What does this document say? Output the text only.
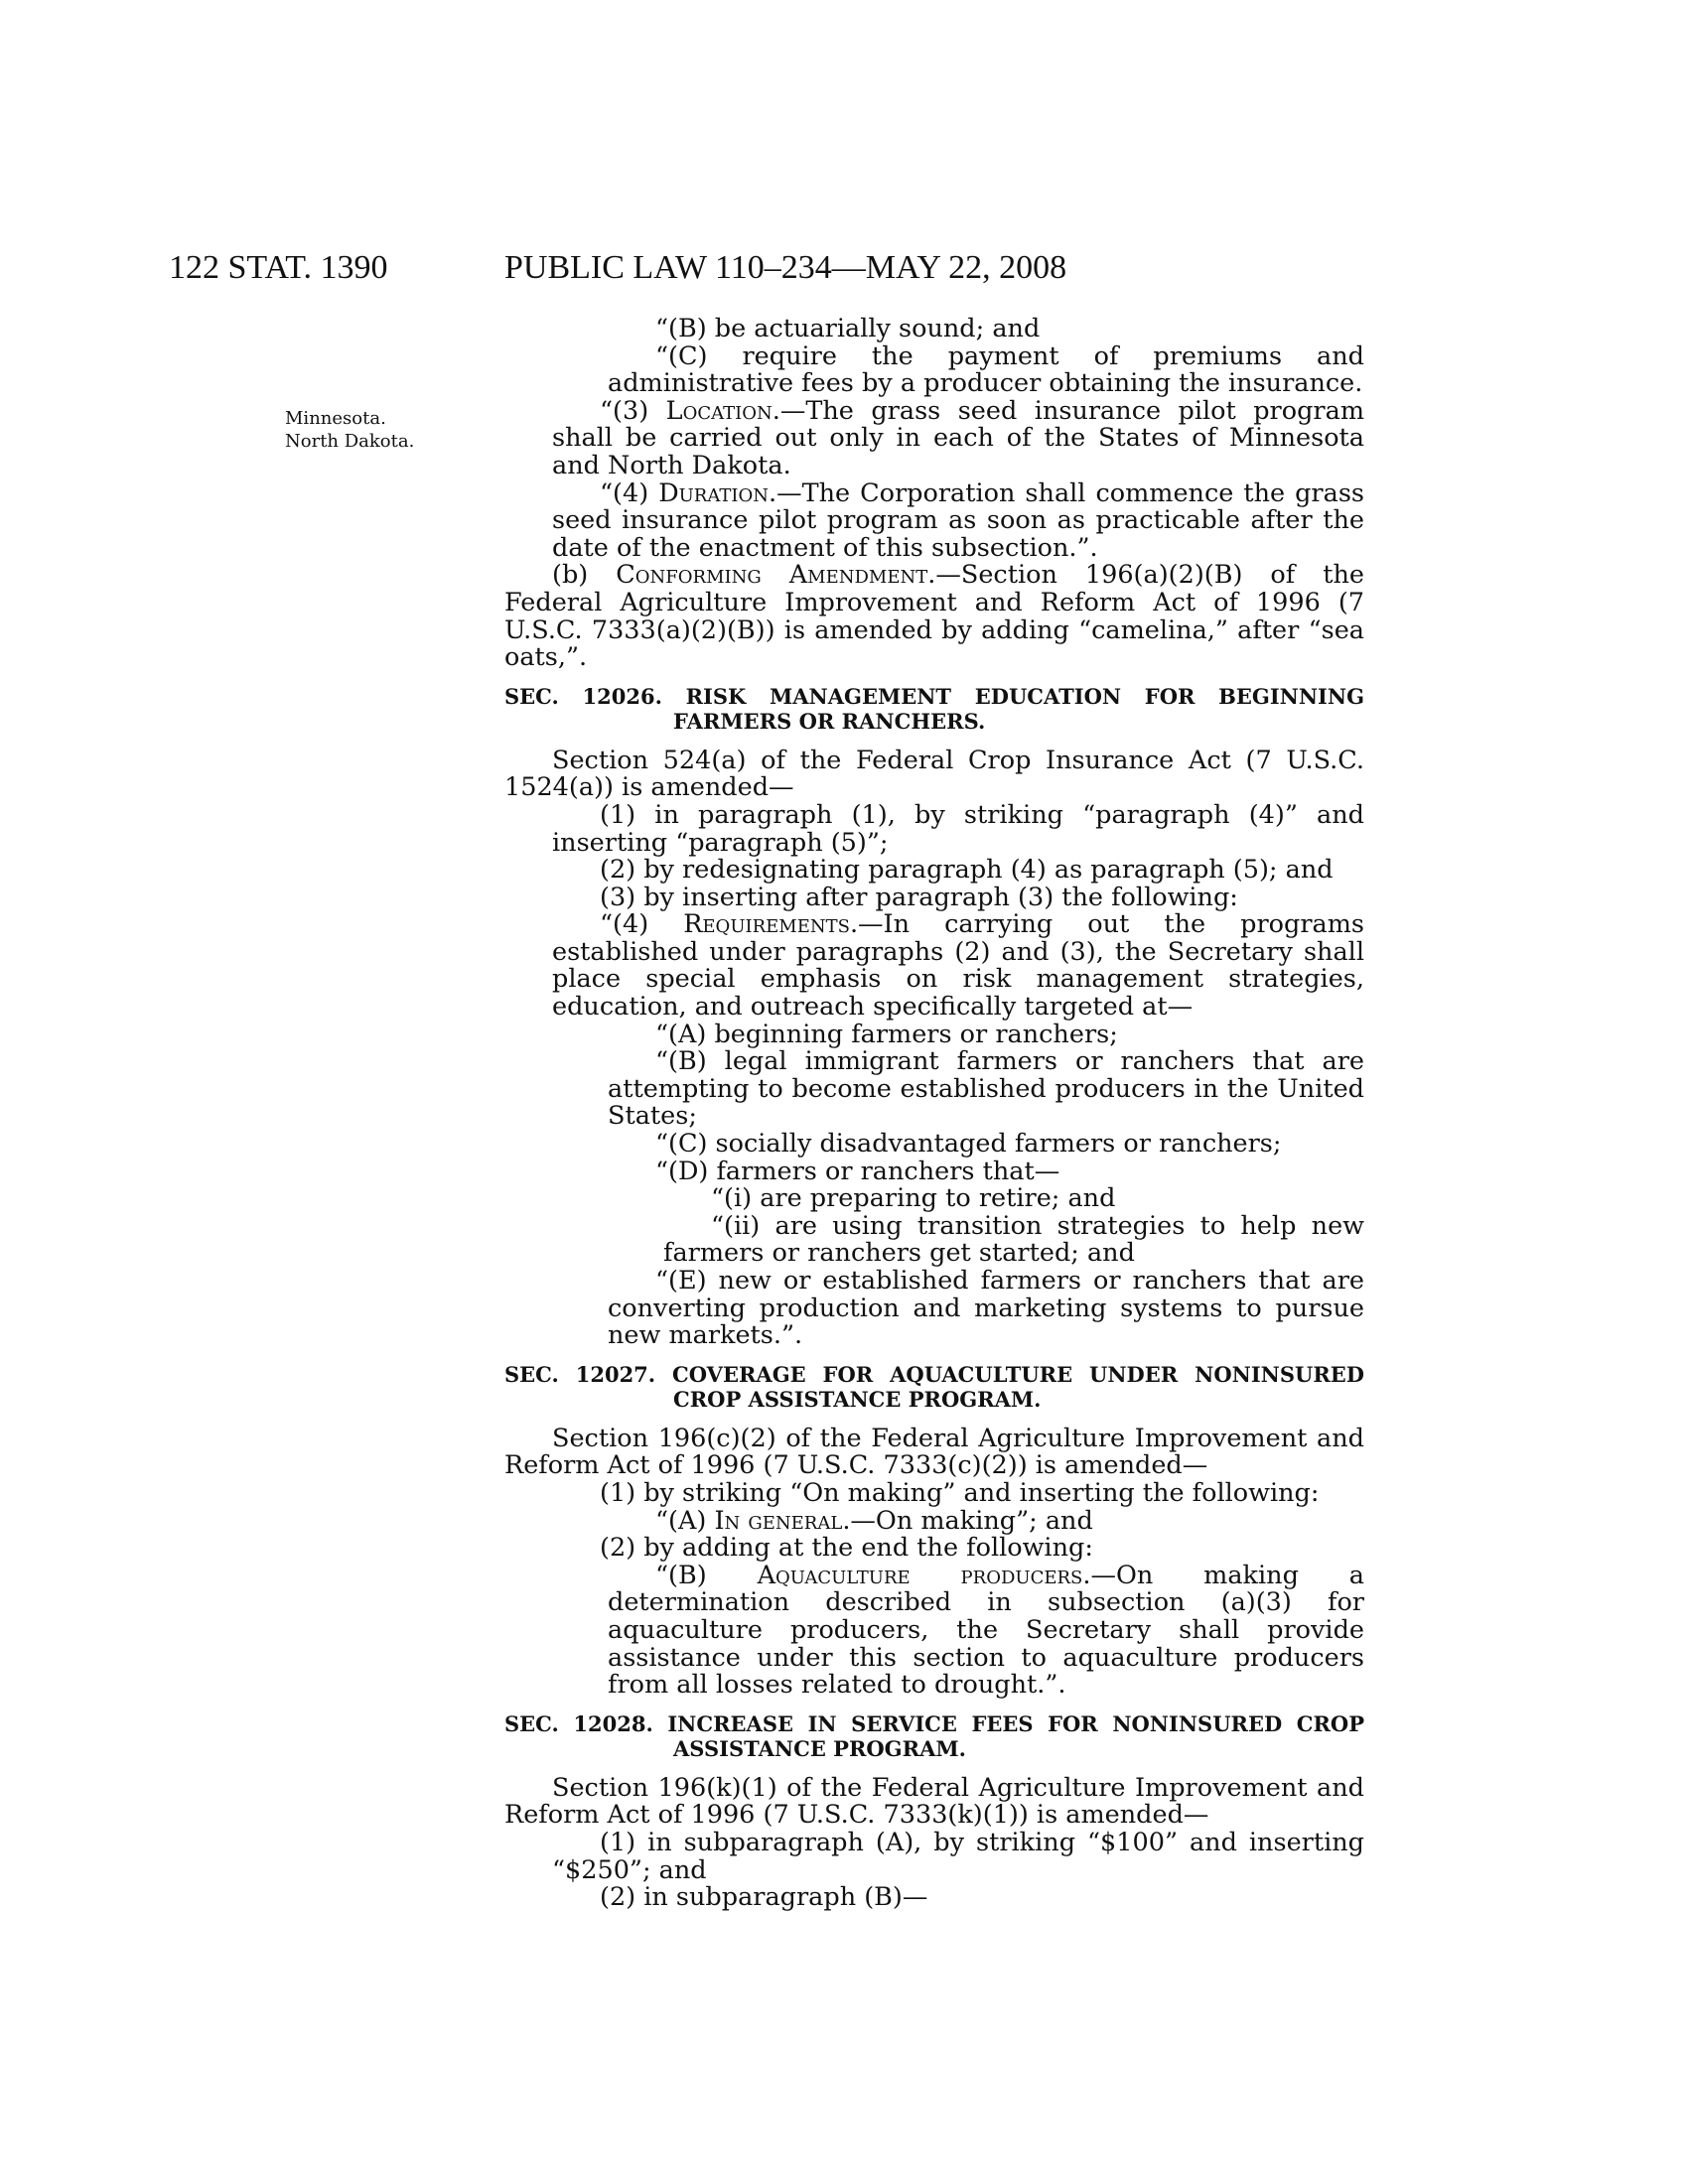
122 STAT. 1390	PUBLIC LAW 110–234—MAY 22, 2008
Minnesota.
North Dakota.

“(B) be actuarially sound; and

“(C) require the payment of premiums and administrative fees by a producer obtaining the insurance.

“(3) Location.—The grass seed insurance pilot program shall be carried out only in each of the States of Minnesota and North Dakota.

“(4) Duration.—The Corporation shall commence the grass seed insurance pilot program as soon as practicable after the date of the enactment of this subsection.”.

(b) Conforming Amendment.—Section 196(a)(2)(B) of the Federal Agriculture Improvement and Reform Act of 1996 (7 U.S.C. 7333(a)(2)(B)) is amended by adding “camelina,” after “sea oats,”.

SEC. 12026. RISK MANAGEMENT EDUCATION FOR BEGINNING FARMERS OR RANCHERS.

Section 524(a) of the Federal Crop Insurance Act (7 U.S.C. 1524(a)) is amended—

(1) in paragraph (1), by striking “paragraph (4)” and inserting “paragraph (5)”;

(2) by redesignating paragraph (4) as paragraph (5); and

(3) by inserting after paragraph (3) the following:

“(4) Requirements.—In carrying out the programs established under paragraphs (2) and (3), the Secretary shall place special emphasis on risk management strategies, education, and outreach specifically targeted at—

“(A) beginning farmers or ranchers;

“(B) legal immigrant farmers or ranchers that are attempting to become established producers in the United States;

“(C) socially disadvantaged farmers or ranchers;

“(D) farmers or ranchers that—

“(i) are preparing to retire; and

“(ii) are using transition strategies to help new farmers or ranchers get started; and

“(E) new or established farmers or ranchers that are converting production and marketing systems to pursue new markets.”.

SEC. 12027. COVERAGE FOR AQUACULTURE UNDER NONINSURED CROP ASSISTANCE PROGRAM.

Section 196(c)(2) of the Federal Agriculture Improvement and Reform Act of 1996 (7 U.S.C. 7333(c)(2)) is amended—

(1) by striking “On making” and inserting the following:

“(A) In general.—On making”; and

(2) by adding at the end the following:

“(B) Aquaculture producers.—On making a determination described in subsection (a)(3) for aquaculture producers, the Secretary shall provide assistance under this section to aquaculture producers from all losses related to drought.”.

SEC. 12028. INCREASE IN SERVICE FEES FOR NONINSURED CROP ASSISTANCE PROGRAM.

Section 196(k)(1) of the Federal Agriculture Improvement and Reform Act of 1996 (7 U.S.C. 7333(k)(1)) is amended—

(1) in subparagraph (A), by striking “$100” and inserting “$250”; and

(2) in subparagraph (B)—
